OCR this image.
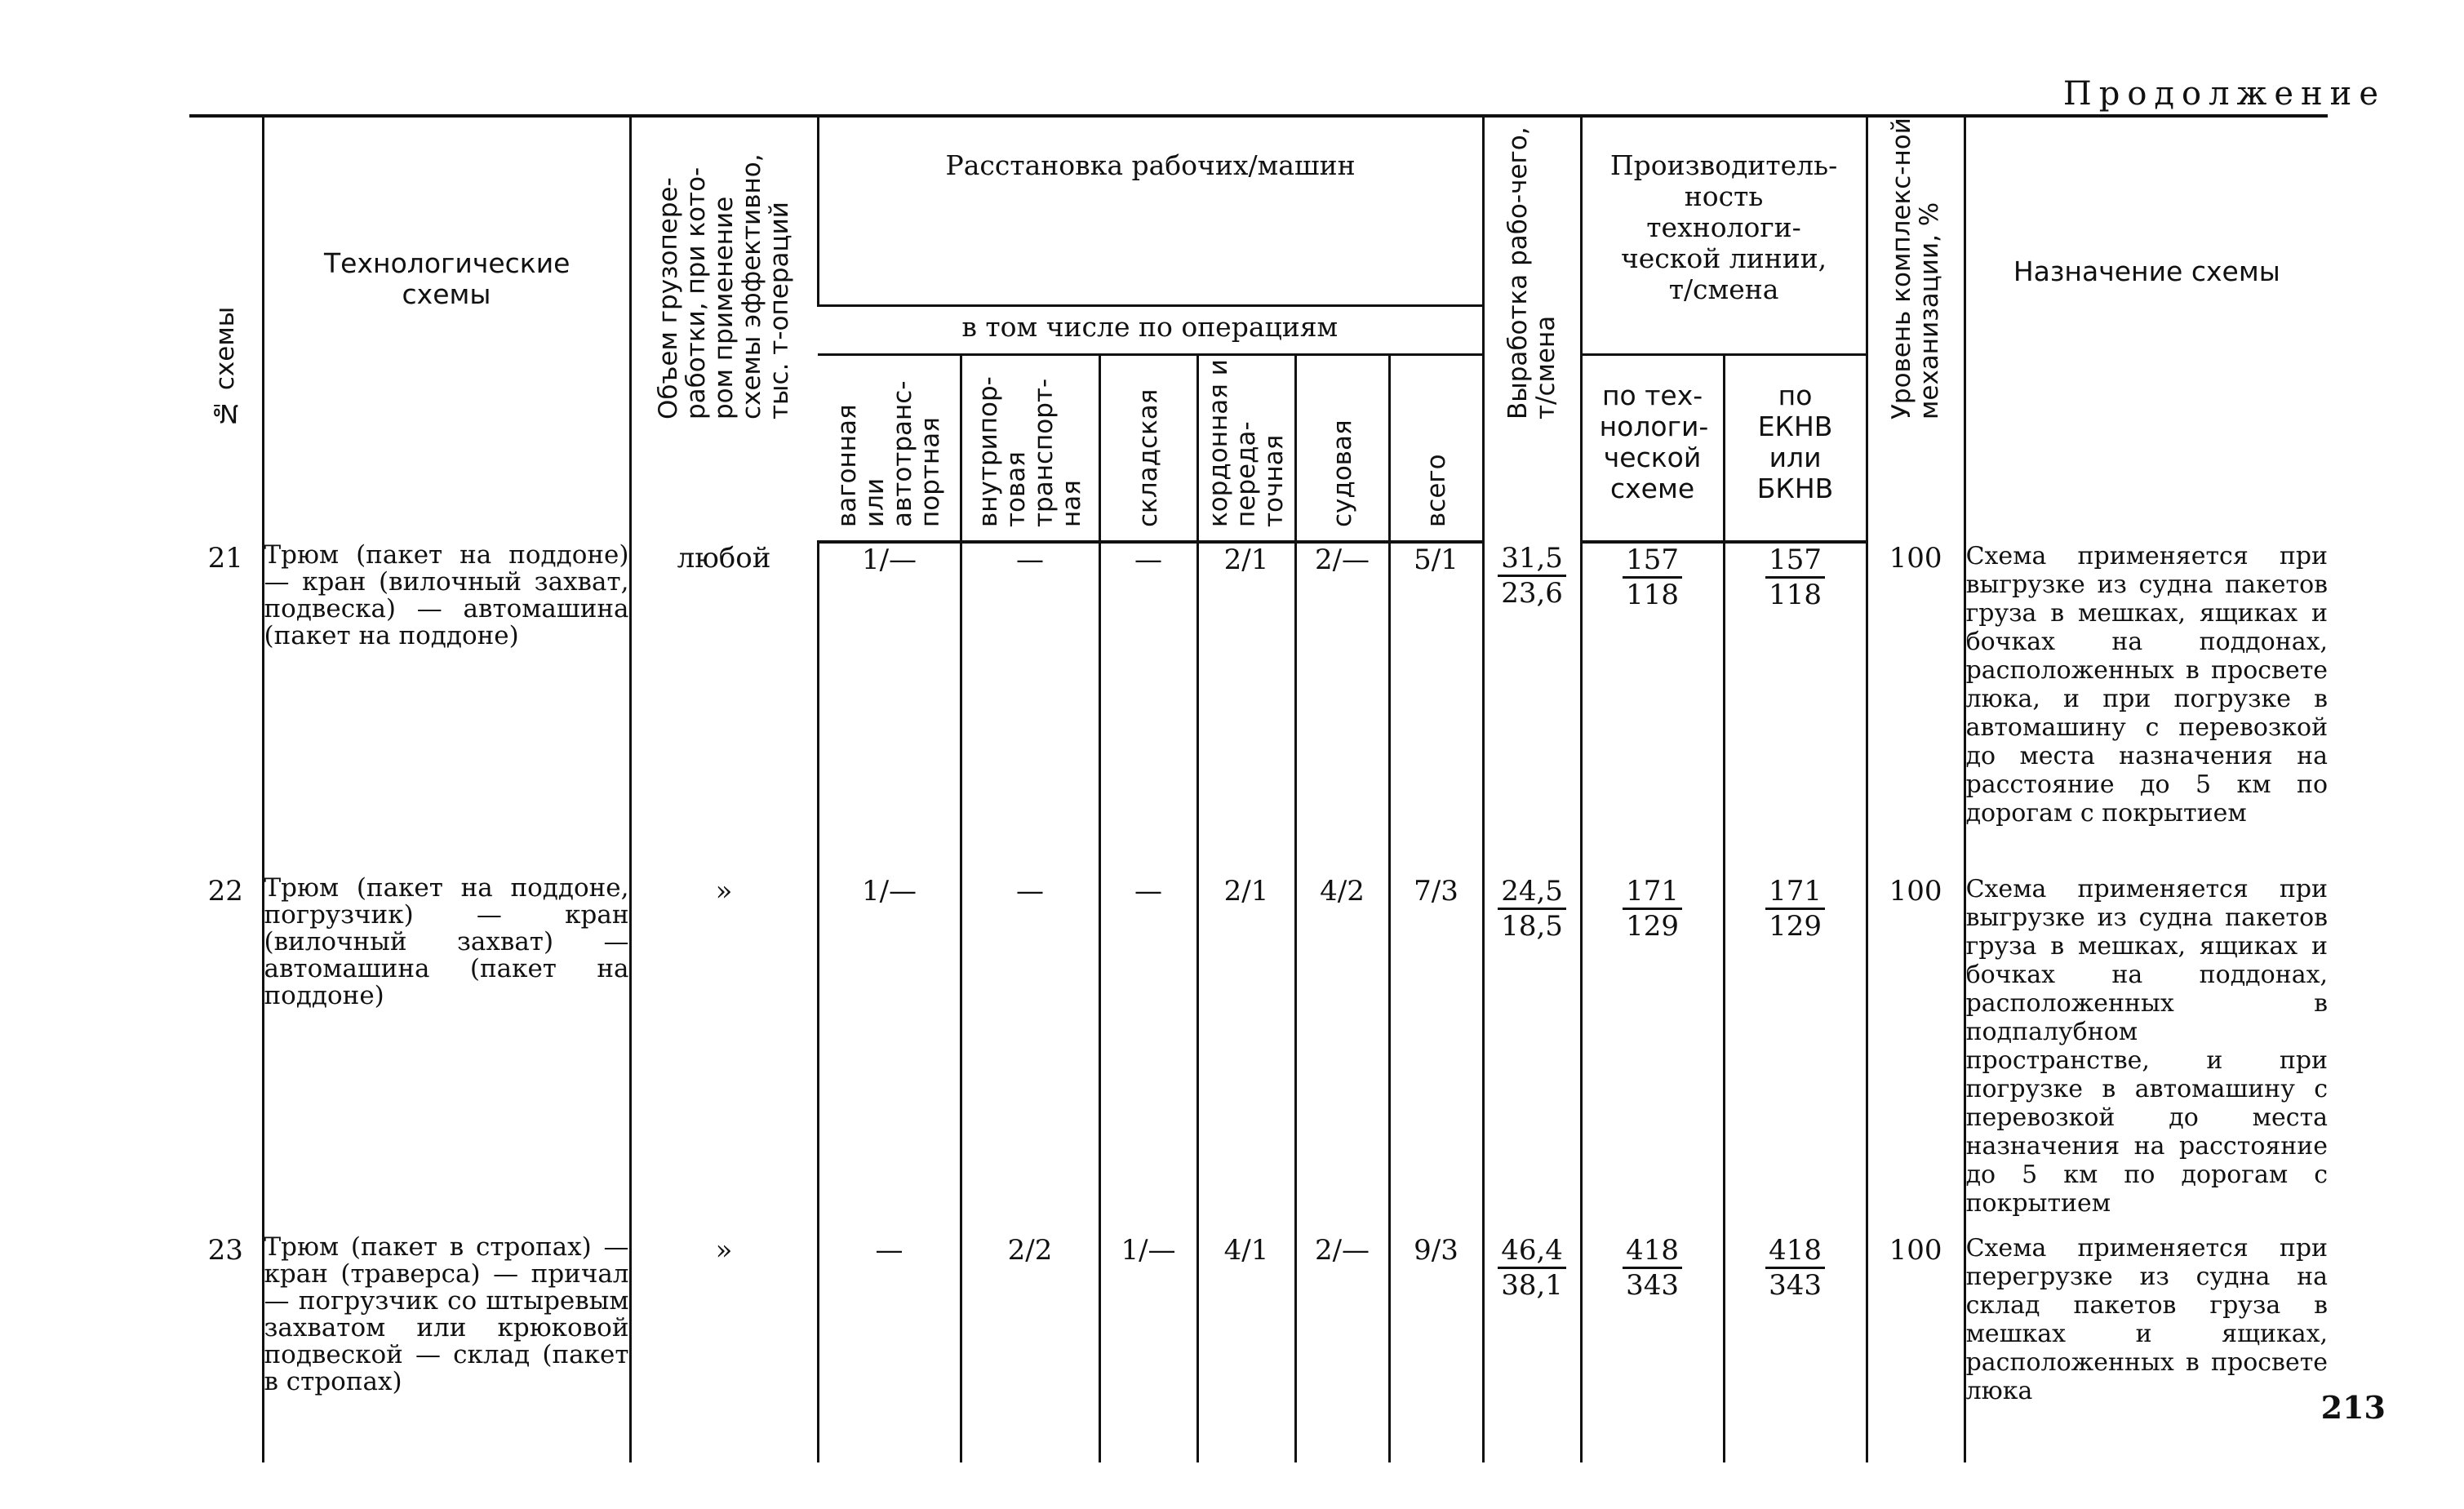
Продолжение
№ схемы	Технологические схемы	Объем грузопере-работки, при кото-ром применение схемы эффективно, тыс. т-операций	Расстановка рабочих/машин						Выработка рабо-чего, т/смена	Производитель-ность технологи-ческой линии, т/смена		Уровень комплекс-ной механизации, %	Назначение схемы
			в том числе по операциям										

			вагонная или автотранс-портная	внутрипор-товая транспорт-ная	складская	кордонная и переда-точная	судовая	всего		по тех-нологи-ческой схеме	по ЕКНВ или БКНВ		
21	Трюм (пакет на поддоне) — кран (вилочный захват, подвеска) — автомашина (пакет на поддоне)	любой	1/—	—	—	2/1	2/—	5/1	$\frac{31,5}{23,6}$	$\frac{157}{118}$	$\frac{157}{118}$	100	Схема применяется при выгрузке из судна пакетов груза в мешках, ящиках и бочках на поддонах, расположенных в просвете люка, и при погрузке в автомашину с перевозкой до места назначения на расстояние до 5 км по дорогам с покрытием
22	Трюм (пакет на поддоне, погрузчик) — кран (вилочный захват) — автомашина (пакет на поддоне)	»	1/—	—	—	2/1	4/2	7/3	$\frac{24,5}{18,5}$	$\frac{171}{129}$	$\frac{171}{129}$	100	Схема применяется при выгрузке из судна пакетов груза в мешках, ящиках и бочках на поддонах, расположенных в подпалубном пространстве, и при погрузке в автомашину с перевозкой до места назначения на расстояние до 5 км по дорогам с покрытием
23	Трюм (пакет в стропах) — кран (траверса) — причал — погрузчик со штыревым захватом или крюковой подвеской — склад (пакет в стропах)	»	—	2/2	1/—	4/1	2/—	9/3	$\frac{46,4}{38,1}$	$\frac{418}{343}$	$\frac{418}{343}$	100	Схема применяется при перегрузке из судна на склад пакетов груза в мешках и ящиках, расположенных в просвете люка	213
